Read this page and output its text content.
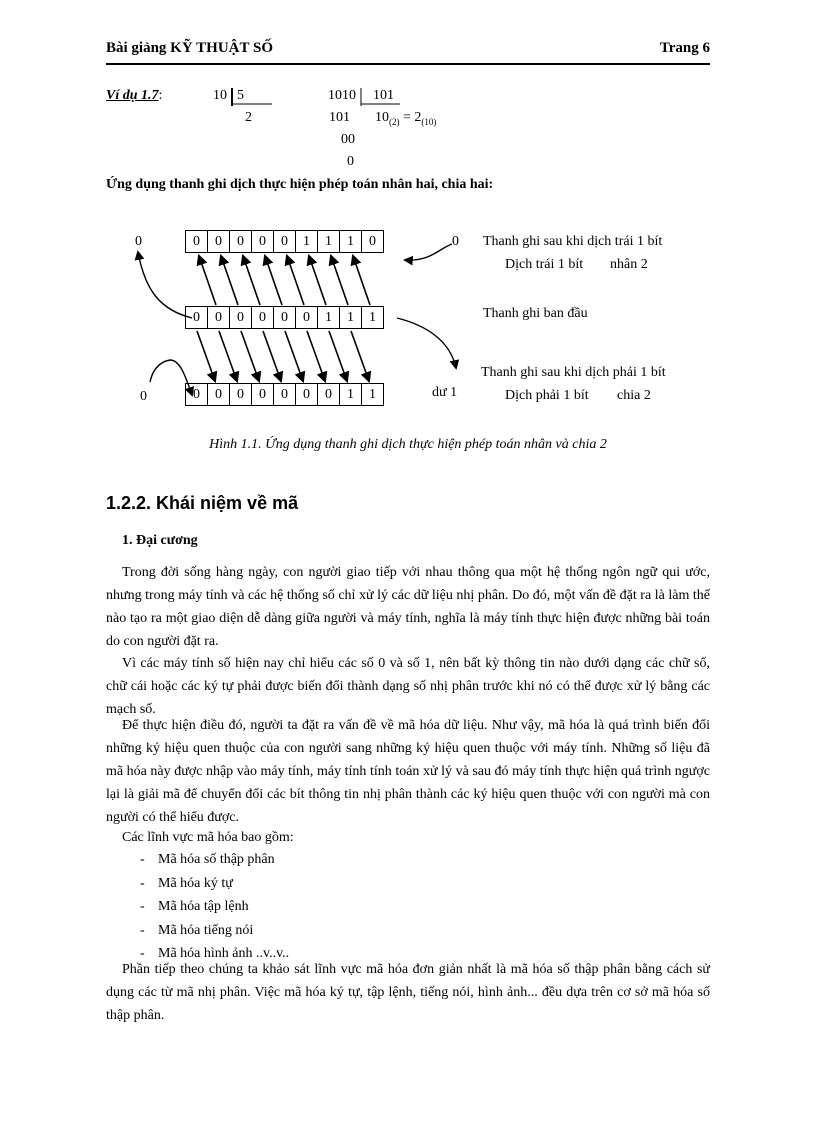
Bài giảng KỸ THUẬT SỐ	Trang 6
Ví dụ 1.7:	10 5
2
1010 101
101 $10_{(2)} = 2_{(10)}$
00
0
Ứng dụng thanh ghi dịch thực hiện phép toán nhân hai, chia hai:
0	0	0	0	0	1	1	1	0
0	0	0	0	0	0	1	1	1
0	0	0	0	0	0	0	1	1
0	0
0	dư 1
Thanh ghi sau khi dịch trái 1 bít
Dịch trái 1 bít nhân 2
Thanh ghi ban đầu
Thanh ghi sau khi dịch phải 1 bít
Dịch phải 1 bít chia 2
Hình 1.1. Ứng dụng thanh ghi dịch thực hiện phép toán nhân và chia 2
1.2.2. Khái niệm về mã
1. Đại cương
Trong đời sống hàng ngày, con người giao tiếp với nhau thông qua một hệ thống ngôn ngữ qui ước, nhưng trong máy tính và các hệ thống số chỉ xử lý các dữ liệu nhị phân. Do đó, một vấn đề đặt ra là làm thế nào tạo ra một giao diện dễ dàng giữa người và máy tính, nghĩa là máy tính thực hiện được những bài toán do con người đặt ra.
Vì các máy tính số hiện nay chỉ hiểu các số 0 và số 1, nên bất kỳ thông tin nào dưới dạng các chữ số, chữ cái hoặc các ký tự phải được biến đổi thành dạng số nhị phân trước khi nó có thể được xử lý bằng các mạch số.
Để thực hiện điều đó, người ta đặt ra vấn đề về mã hóa dữ liệu. Như vậy, mã hóa là quá trình biến đổi những ký hiệu quen thuộc của con người sang những ký hiệu quen thuộc với máy tính. Những số liệu đã mã hóa này được nhập vào máy tính, máy tính tính toán xử lý và sau đó máy tính thực hiện quá trình ngược lại là giải mã để chuyển đổi các bít thông tin nhị phân thành các ký hiệu quen thuộc với con người mà con người có thể hiểu được.
Các lĩnh vực mã hóa bao gồm:
- Mã hóa số thập phân
- Mã hóa ký tự
- Mã hóa tập lệnh
- Mã hóa tiếng nói
- Mã hóa hình ảnh ..v..v..
Phần tiếp theo chúng ta khảo sát lĩnh vực mã hóa đơn giản nhất là mã hóa số thập phân bằng cách sử dụng các từ mã nhị phân. Việc mã hóa ký tự, tập lệnh, tiếng nói, hình ảnh... đều dựa trên cơ sở mã hóa số thập phân.
